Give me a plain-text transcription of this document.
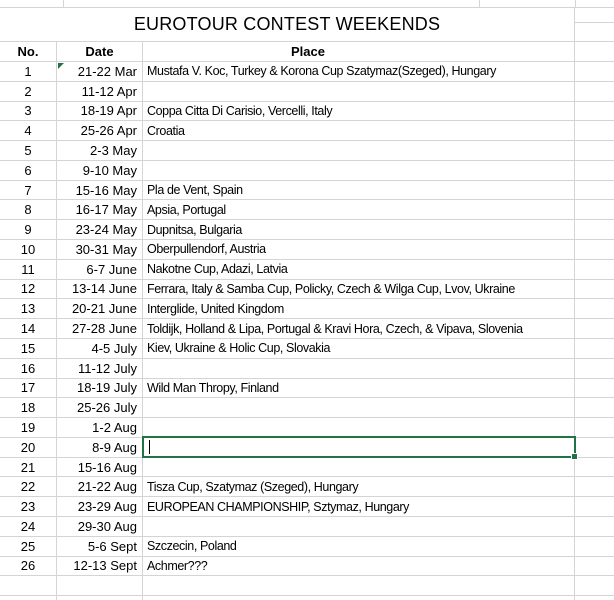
EUROTOUR CONTEST WEEKENDS
No.	Date	Place
1	21-22 Mar Mustafa V. Koc, Turkey & Korona Cup Szatymaz(Szeged), Hungary
2	11-12 Apr
3	18-19 Apr Coppa Citta Di Carisio, Vercelli, Italy
4	25-26 Apr Croatia
5	2-3 May
6	9-10 May
7	15-16 May Pla de Vent, Spain
8	16-17 May Apsia, Portugal
9	23-24 May Dupnitsa, Bulgaria
10	30-31 May Oberpullendorf, Austria
11	6-7 June Nakotne Cup, Adazi, Latvia
12	13-14 June Ferrara, Italy & Samba Cup, Policky, Czech & Wilga Cup, Lvov, Ukraine
13	20-21 June Interglide, United Kingdom
14	27-28 June Toldijk, Holland & Lipa, Portugal & Kravi Hora, Czech, & Vipava, Slovenia
15	4-5 July Kiev, Ukraine & Holic Cup, Slovakia
16	11-12 July
17	18-19 July Wild Man Thropy, Finland
18	25-26 July
19	1-2 Aug
20	8-9 Aug
21	15-16 Aug
22	21-22 Aug Tisza Cup, Szatymaz (Szeged), Hungary
23	23-29 Aug EUROPEAN CHAMPIONSHIP, Sztymaz, Hungary
24	29-30 Aug
25	5-6 Sept Szczecin, Poland
26	12-13 Sept Achmer???
